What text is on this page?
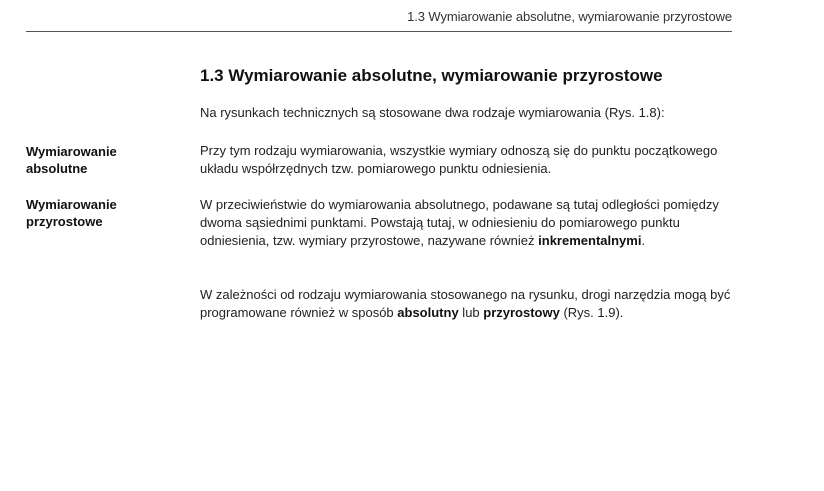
1.3 Wymiarowanie absolutne, wymiarowanie przyrostowe
1.3 Wymiarowanie absolutne, wymiarowanie przyrostowe

Na rysunkach technicznych są stosowane dwa rodzaje wymiarowania (Rys. 1.8):

Wymiarowanie
absolutne

Przy tym rodzaju wymiarowania, wszystkie wymiary odnoszą się do punktu początkowego układu współrzędnych tzw. pomiarowego punktu odniesienia.

Wymiarowanie
przyrostowe

W przeciwieństwie do wymiarowania absolutnego, podawane są tutaj odległości pomiędzy dwoma sąsiednimi punktami. Powstają tutaj, w odniesieniu do pomiarowego punktu odniesienia, tzw. wymiary przyrostowe, nazywane również inkrementalnymi.

W zależności od rodzaju wymiarowania stosowanego na rysunku, drogi narzędzia mogą być programowane również w sposób absolutny lub przyrostowy (Rys. 1.9).
